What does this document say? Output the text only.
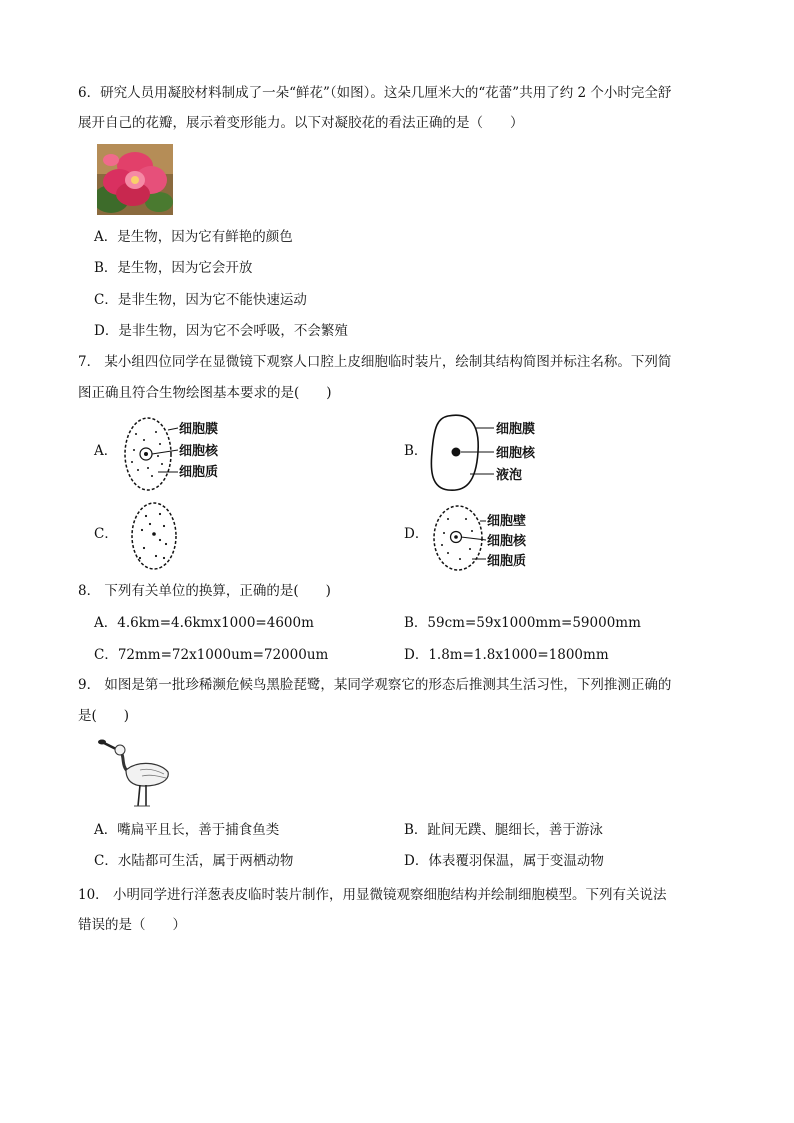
6．研究人员用凝胶材料制成了一朵“鲜花”（如图）。这朵几厘米大的“花蕾”共用了约 2 个小时完全舒
展开自己的花瓣，展示着变形能力。以下对凝胶花的看法正确的是（　　）
A．是生物，因为它有鲜艳的颜色
B．是生物，因为它会开放
C．是非生物，因为它不能快速运动
D．是非生物，因为它不会呼吸，不会繁殖
7． 某小组四位同学在显微镜下观察人口腔上皮细胞临时装片，绘制其结构简图并标注名称。下列简
图正确且符合生物绘图基本要求的是(　　)
A．
细胞膜
细胞核
细胞质
B．
细胞膜
细胞核
液泡
C．	D．
细胞壁
细胞核
细胞质
8． 下列有关单位的换算，正确的是(　　)
A．4.6km=4.6kmx1000=4600m	B．59cm=59x1000mm=59000mm
C．72mm=72x1000um=72000um	D．1.8m=1.8x1000=1800mm
9． 如图是第一批珍稀濒危候鸟黑脸琵鹭，某同学观察它的形态后推测其生活习性，下列推测正确的
是(　　)
A．嘴扁平且长，善于捕食鱼类	B．趾间无蹼、腿细长，善于游泳
C．水陆都可生活，属于两栖动物	D．体表覆羽保温，属于变温动物
10． 小明同学进行洋葱表皮临时装片制作，用显微镜观察细胞结构并绘制细胞模型。下列有关说法
错误的是（　　）
